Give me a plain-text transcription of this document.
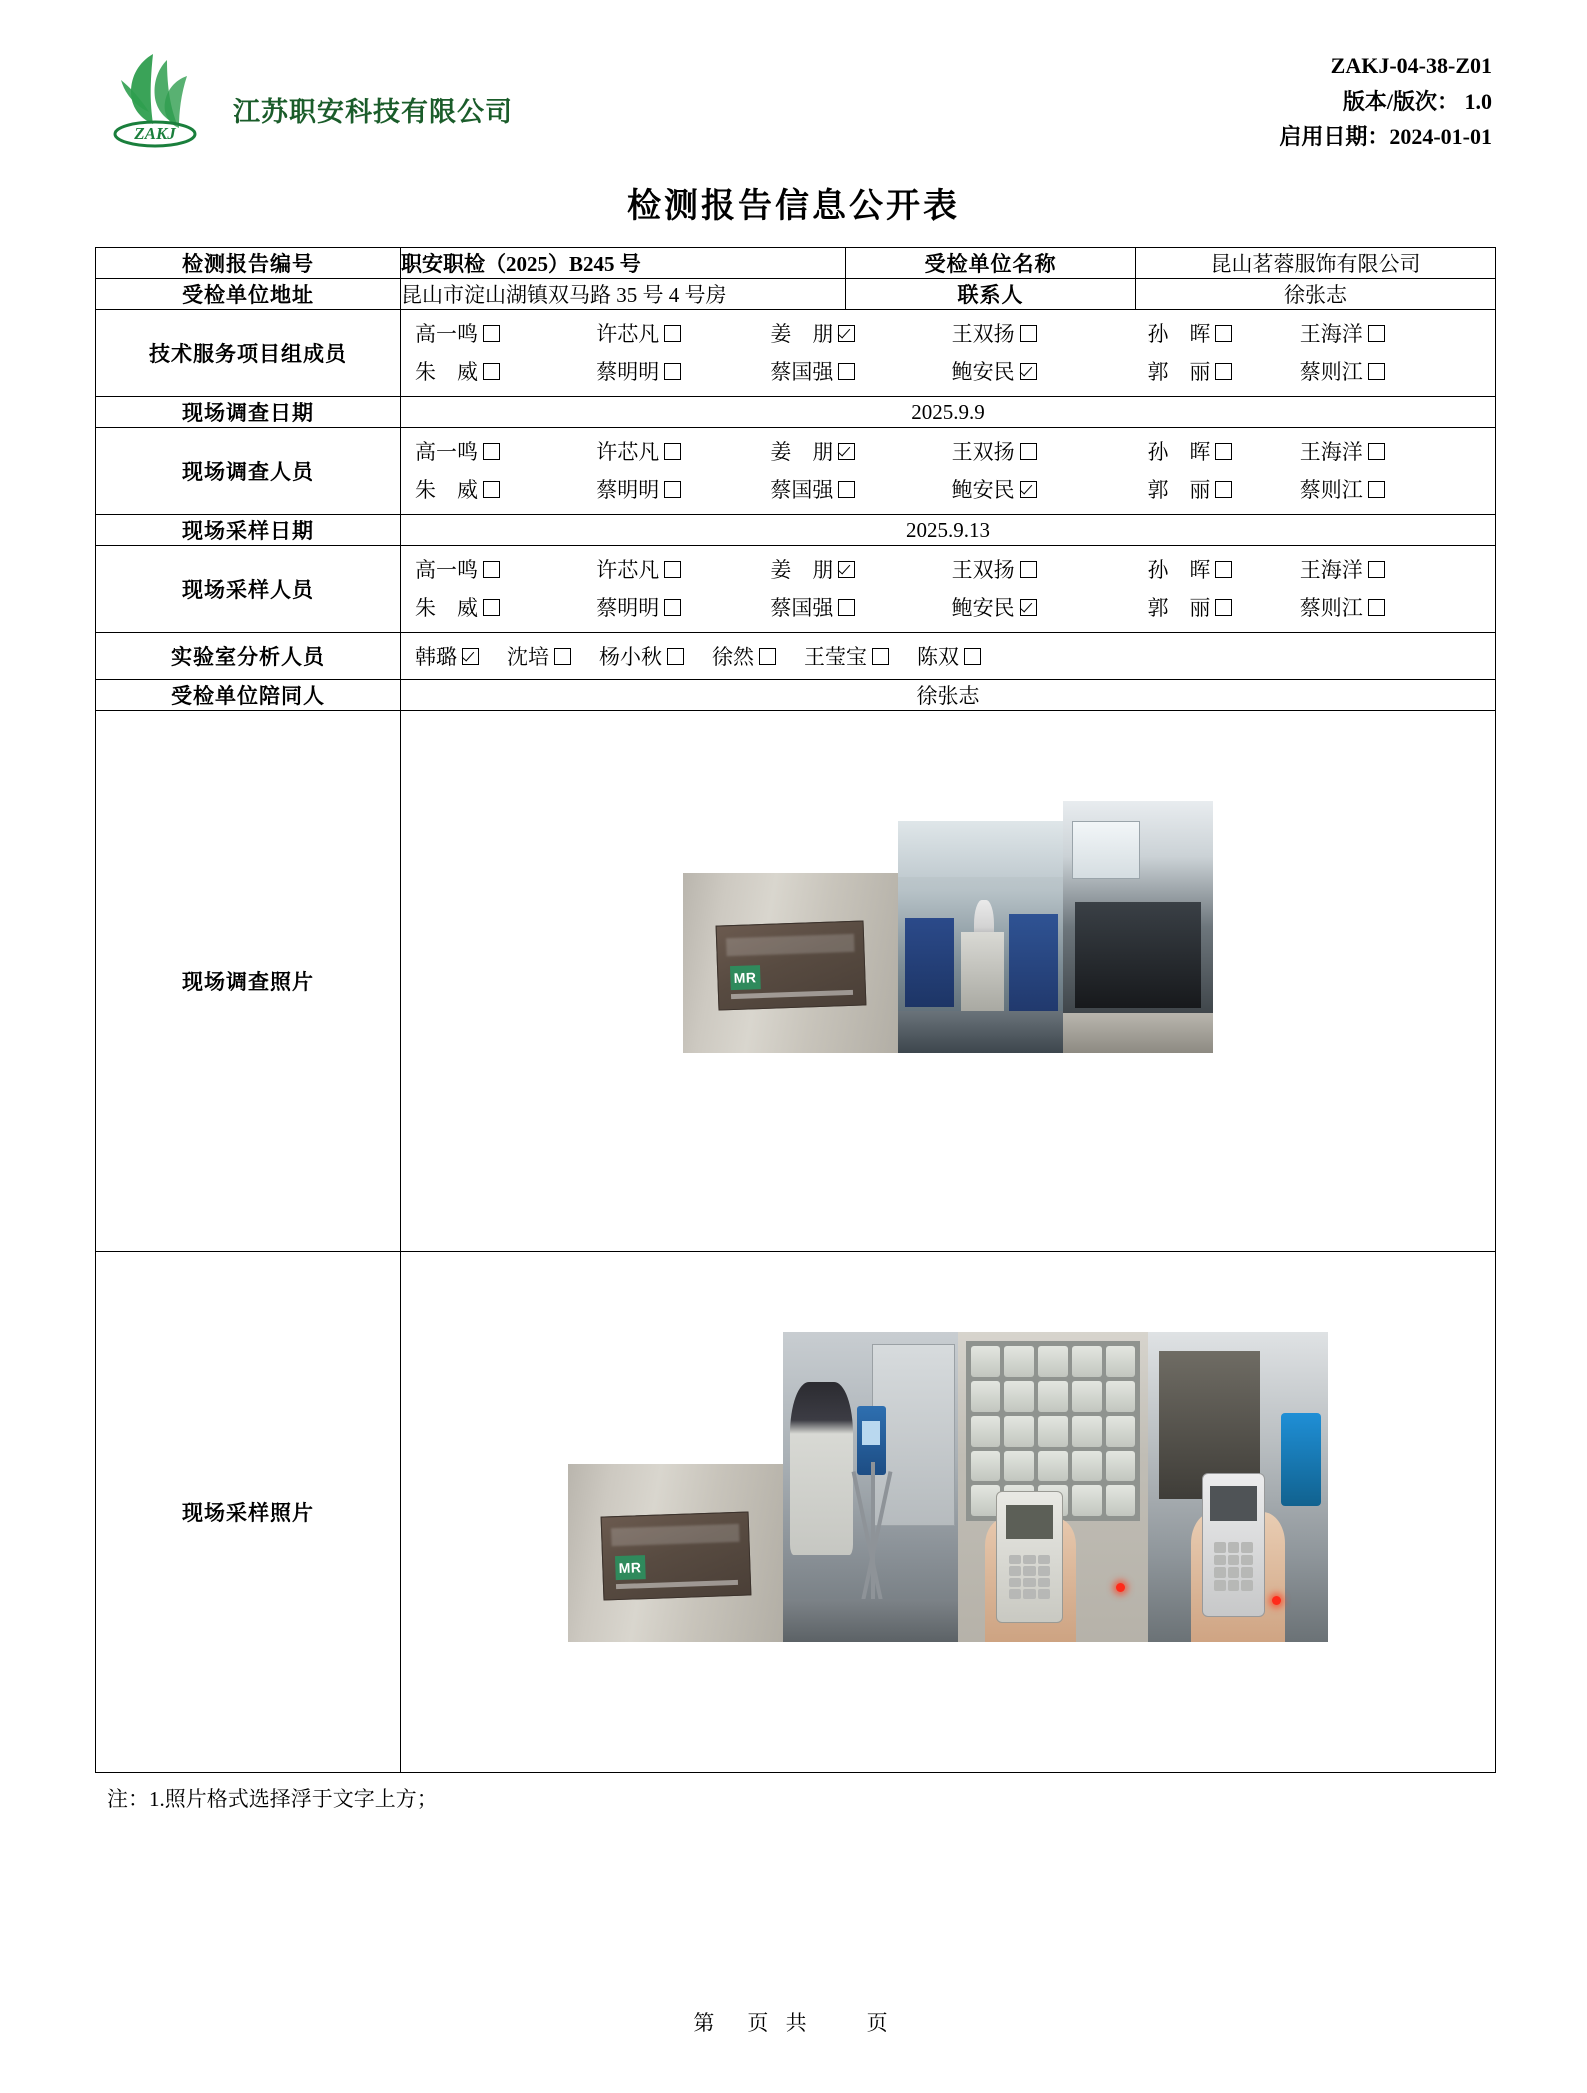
ZAKJ
江苏职安科技有限公司
ZAKJ-04-38-Z01
版本/版次： 1.0
启用日期：2024-01-01
检测报告信息公开表
检测报告编号	职安职检（2025）B245 号	受检单位名称	昆山茗蓉服饰有限公司
受检单位地址	昆山市淀山湖镇双马路 35 号 4 号房	联系人	徐张志
技术服务项目组成员	
高一鸣	许芯凡	姜　朋	王双扬	孙　晖	王海洋
朱　威	蔡明明	蔡国强	鲍安民	郭　丽	蔡则江

现场调查日期	2025.9.9		
现场调查人员	
高一鸣	许芯凡	姜　朋	王双扬	孙　晖	王海洋
朱　威	蔡明明	蔡国强	鲍安民	郭　丽	蔡则江

现场采样日期	2025.9.13		
现场采样人员	
高一鸣	许芯凡	姜　朋	王双扬	孙　晖	王海洋
朱　威	蔡明明	蔡国强	鲍安民	郭　丽	蔡则江

实验室分析人员	韩璐 沈培 杨小秋 徐然 王莹宝 陈双

受检单位陪同人	徐张志		
现场调查照片	MR		

现场采样照片	MR		
注：1.照片格式选择浮于文字上方；
第　页 共　　页
